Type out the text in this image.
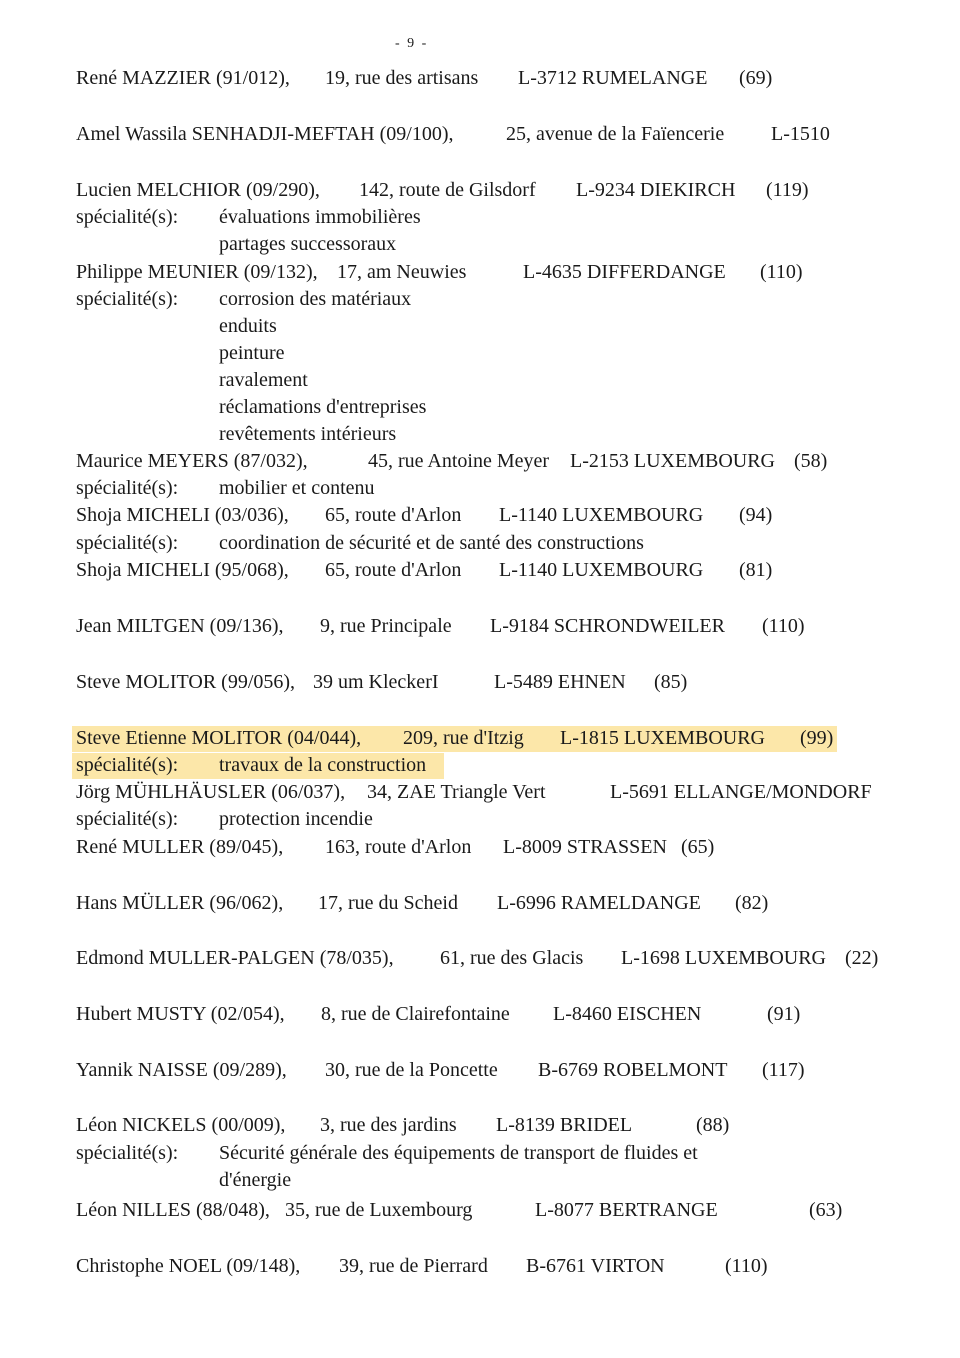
- 9 -
René MAZZIER (91/012), 19, rue des artisans L-3712 RUMELANGE (69)
Amel Wassila SENHADJI-MEFTAH (09/100),	25, avenue de la Faïencerie L-1510
Lucien MELCHIOR (09/290), 142, route de Gilsdorf L-9234 DIEKIRCH (119)
spécialité(s): évaluations immobilières
partages successoraux
Philippe MEUNIER (09/132), 17, am Neuwies	L-4635 DIFFERDANGE (110)
spécialité(s): corrosion des matériaux
enduits
peinture
ravalement
réclamations d'entreprises
revêtements intérieurs
Maurice MEYERS (87/032),	45, rue Antoine Meyer L-2153 LUXEMBOURG (58)
spécialité(s): mobilier et contenu
Shoja MICHELI (03/036), 65, route d'Arlon L-1140 LUXEMBOURG (94)
spécialité(s): coordination de sécurité et de santé des constructions
Shoja MICHELI (95/068), 65, route d'Arlon L-1140 LUXEMBOURG (81)
Jean MILTGEN (09/136), 9, rue Principale L-9184 SCHRONDWEILER (110)
Steve MOLITOR (99/056), 39 um KleckerI	L-5489 EHNEN (85)
Steve Etienne MOLITOR (04/044), 209, rue d'Itzig L-1815 LUXEMBOURG (99)
spécialité(s): travaux de la construction
Jörg MÜHLHÄUSLER (06/037), 34, ZAE Triangle Vert	L-5691 ELLANGE/MONDORF
spécialité(s): protection incendie
René MULLER (89/045), 163, route d'Arlon L-8009 STRASSEN (65)
Hans MÜLLER (96/062), 17, rue du Scheid L-6996 RAMELDANGE (82)
Edmond MULLER-PALGEN (78/035), 61, rue des Glacis L-1698 LUXEMBOURG (22)
Hubert MUSTY (02/054), 8, rue de Clairefontaine L-8460 EISCHEN	(91)
Yannik NAISSE (09/289), 30, rue de la Poncette B-6769 ROBELMONT (117)
Léon NICKELS (00/009), 3, rue des jardins L-8139 BRIDEL	(88)
spécialité(s): Sécurité générale des équipements de transport de fluides et
d'énergie
Léon NILLES (88/048), 35, rue de Luxembourg	L-8077 BERTRANGE	(63)
Christophe NOEL (09/148), 39, rue de Pierrard B-6761 VIRTON	(110)
